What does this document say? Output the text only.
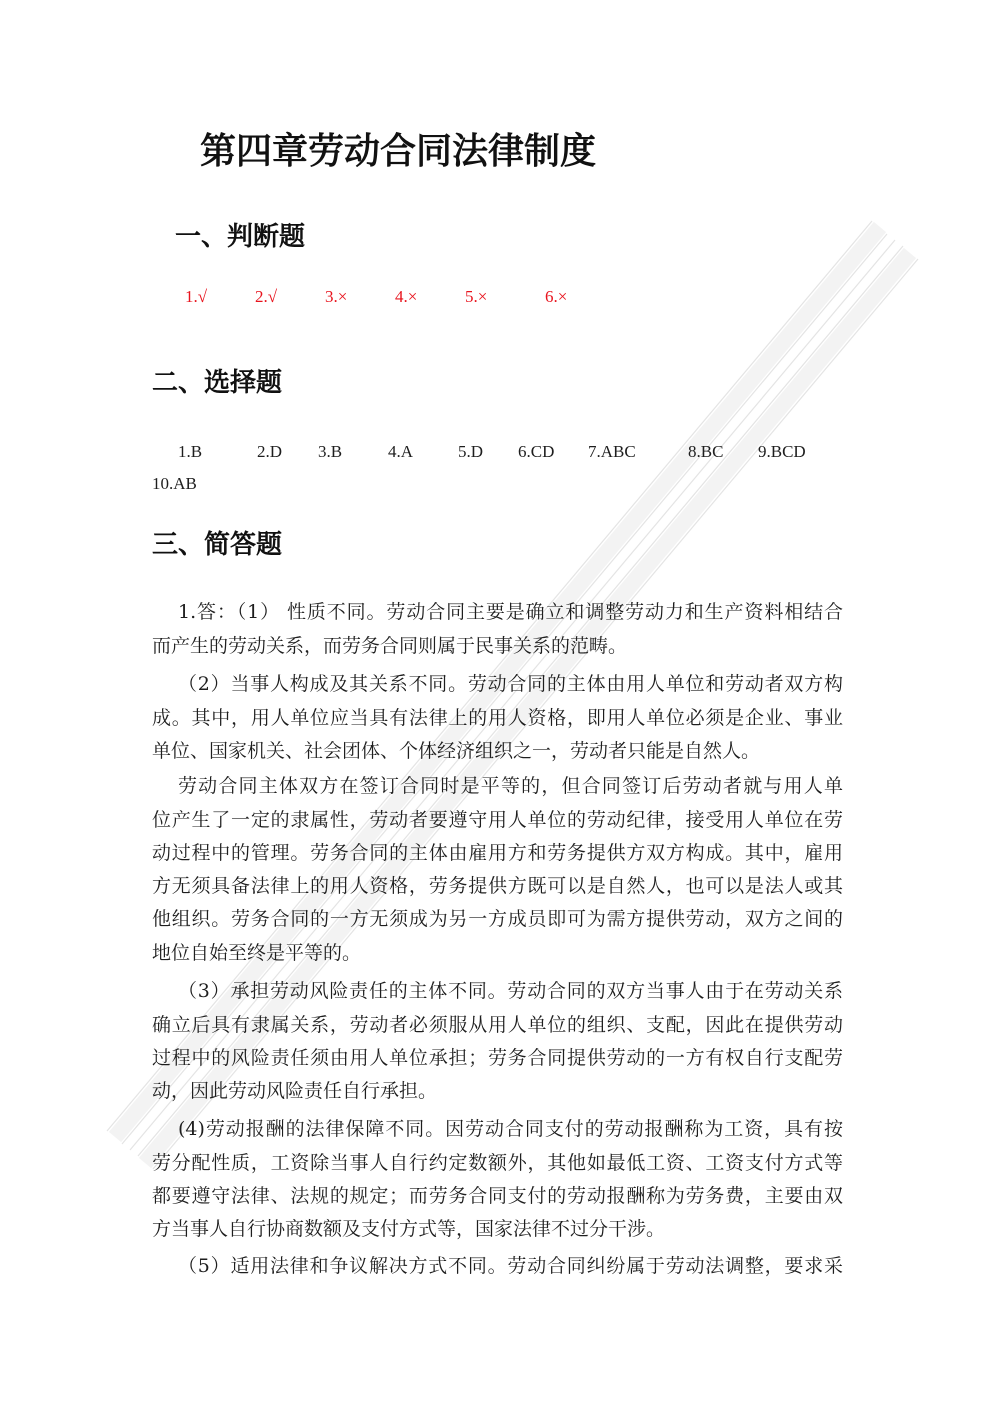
第四章劳动合同法律制度
一、判断题
1.√	2.√	3.×	4.×	5.×	6.×
二、选择题
1.B	2.D 3.B	4.A	5.D 6.CD 7.ABC	8.BC 9.BCD
10.AB
三、简答题
1.答：（1） 性质不同。劳动合同主要是确立和调整劳动力和生产资料相结合
而产生的劳动关系，而劳务合同则属于民事关系的范畴。
（2）当事人构成及其关系不同。劳动合同的主体由用人单位和劳动者双方构
成。其中，用人单位应当具有法律上的用人资格，即用人单位必须是企业、事业
单位、国家机关、社会团体、个体经济组织之一，劳动者只能是自然人。
劳动合同主体双方在签订合同时是平等的，但合同签订后劳动者就与用人单
位产生了一定的隶属性，劳动者要遵守用人单位的劳动纪律，接受用人单位在劳
动过程中的管理。劳务合同的主体由雇用方和劳务提供方双方构成。其中，雇用
方无须具备法律上的用人资格，劳务提供方既可以是自然人，也可以是法人或其
他组织。劳务合同的一方无须成为另一方成员即可为需方提供劳动，双方之间的
地位自始至终是平等的。
（3）承担劳动风险责任的主体不同。劳动合同的双方当事人由于在劳动关系
确立后具有隶属关系，劳动者必须服从用人单位的组织、支配，因此在提供劳动
过程中的风险责任须由用人单位承担；劳务合同提供劳动的一方有权自行支配劳
动，因此劳动风险责任自行承担。
(4)劳动报酬的法律保障不同。因劳动合同支付的劳动报酬称为工资，具有按
劳分配性质，工资除当事人自行约定数额外，其他如最低工资、工资支付方式等
都要遵守法律、法规的规定；而劳务合同支付的劳动报酬称为劳务费，主要由双
方当事人自行协商数额及支付方式等，国家法律不过分干涉。
（5）适用法律和争议解决方式不同。劳动合同纠纷属于劳动法调整，要求采
